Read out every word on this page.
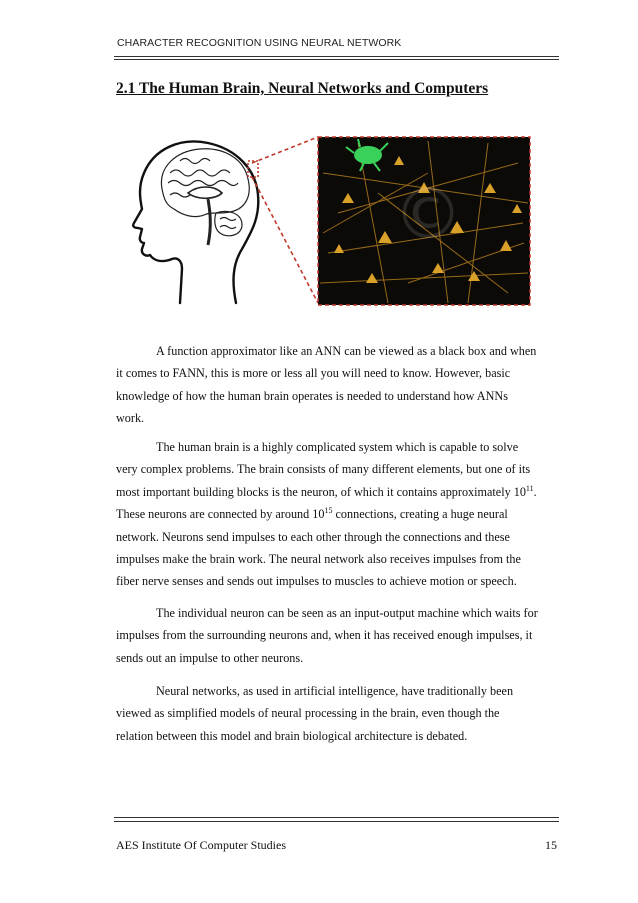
CHARACTER RECOGNITION USING NEURAL NETWORK
2.1 The Human Brain, Neural Networks and Computers
©
A function approximator like an ANN can be viewed as a black box and when
it comes to FANN, this is more or less all you will need to know. However, basic
knowledge of how the human brain operates is needed to understand how ANNs
work.
The human brain is a highly complicated system which is capable to solve
very complex problems. The brain consists of many different elements, but one of its
most important building blocks is the neuron, of which it contains approximately $10^{11}$.
These neurons are connected by around $10^{15}$ connections, creating a huge neural
network. Neurons send impulses to each other through the connections and these
impulses make the brain work. The neural network also receives impulses from the
fiber nerve senses and sends out impulses to muscles to achieve motion or speech.
The individual neuron can be seen as an input-output machine which waits for
impulses from the surrounding neurons and, when it has received enough impulses, it
sends out an impulse to other neurons.
Neural networks, as used in artificial intelligence, have traditionally been
viewed as simplified models of neural processing in the brain, even though the
relation between this model and brain biological architecture is debated.
AES Institute Of Computer Studies	15
